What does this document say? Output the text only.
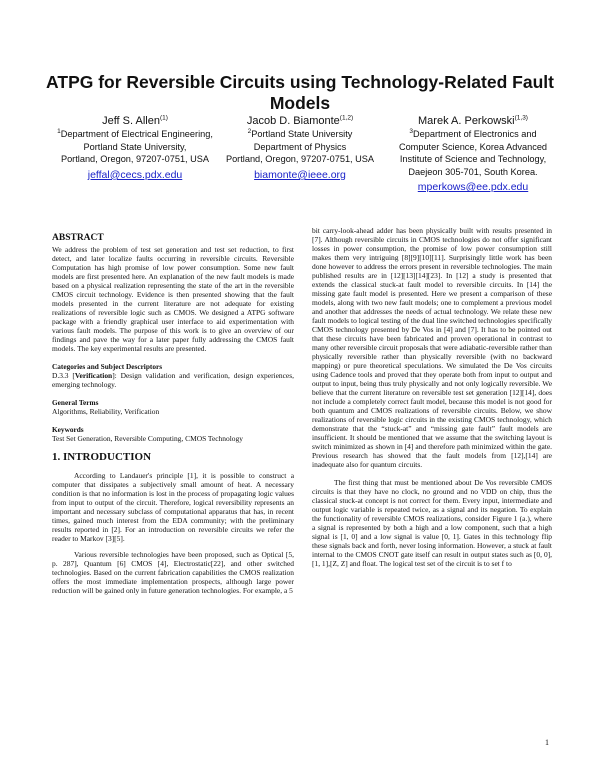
ATPG for Reversible Circuits using Technology-Related Fault Models
Jeff S. Allen$^{(1)}$
$^1$Department of Electrical Engineering,
Portland State University,
Portland, Oregon, 97207-0751, USA
jeffal@cecs.pdx.edu
Jacob D. Biamonte$^{(1,2)}$
$^2$Portland State University
Department of Physics
Portland, Oregon, 97207-0751, USA
biamonte@ieee.org
Marek A. Perkowski$^{(1,3)}$
$^3$Department of Electronics and
Computer Science, Korea Advanced
Institute of Science and Technology,
Daejeon 305-701, South Korea.
mperkows@ee.pdx.edu
ABSTRACT

We address the problem of test set generation and test set reduction, to first detect, and later localize faults occurring in reversible circuits. Reversible Computation has high promise of low power consumption. Some new fault models are first presented here. An explanation of the new fault models is made based on a physical realization representing the state of the art in the reversible CMOS circuit technology. Evidence is then presented showing that the fault models presented in the current literature are not adequate for existing realizations of reversible logic such as CMOS. We designed a ATPG software package with a friendly graphical user interface to aid experimentation with various fault models. The purpose of this work is to give an overview of our findings and pave the way for a later paper fully addressing the CMOS fault models. The key experimental results are presented.

Categories and Subject Descriptors

D.3.3 [Verification]: Design validation and verification, design experiences, emerging technology.

General Terms

Algorithms, Reliability, Verification

Keywords

Test Set Generation, Reversible Computing, CMOS Technology

1. INTRODUCTION

According to Landauer's principle [1], it is possible to construct a computer that dissipates a subjectively small amount of heat. A necessary condition is that no information is lost in the process of propagating logic values from input to output of the circuit. Therefore, logical reversibility represents an important and necessary subclass of computational apparatus that has, in recent times, gained much interest from the EDA community; with the preliminary results reported in [2]. For an introduction on reversible circuits we refer the reader to Markov [3][5].

Various reversible technologies have been proposed, such as Optical [5, p. 287], Quantum [6] CMOS [4], Electrostatic[22], and other switched technologies. Based on the current fabrication capabilities the CMOS realization offers the most immediate implementation prospects, although large power reduction will be gained only in future generation technologies. For example, a 5

bit carry-look-ahead adder has been physically built with results presented in [7]. Although reversible circuits in CMOS technologies do not offer significant losses in power consumption, the promise of low power consumption still makes them very intriguing [8][9][10][11]. Surprisingly little work has been done however to address the errors present in reversible technologies. The main published results are in [12][13][14][23]. In [12] a study is presented that extends the classical stuck-at fault model to reversible circuits. In [14] the missing gate fault model is presented. Here we present a comparison of these models, along with two new fault models; one to complement a previous model and another that addresses the needs of actual technology. We relate these new fault models to logical testing of the dual line switched technologies specifically CMOS technology presented by De Vos in [4] and [7]. It has to be pointed out that these circuits have been fabricated and proven operational in contrast to many other reversible circuit proposals that were adiabatic-reversible rather than physically reversible rather than physically reversible (with no backward mapping) or pure theoretical speculations. We simulated the De Vos circuits using Cadence tools and proved that they operate both from input to output and output to input, being thus truly physically and not only logically reversible. We believe that the current literature on reversible test set generation [12][14], does not include a completely correct fault model, because this model is not good for both quantum and CMOS realizations of reversible circuits. Below, we show realizations of reversible logic circuits in the existing CMOS technology, which demonstrate that the “stuck-at” and “missing gate fault” fault models are insufficient. It should be mentioned that we assume that the switching layout is switch minimized as shown in [4] and therefore path minimized within the gate. Previous research has showed that the fault models from [12],[14] are inadequate also for quantum circuits.

The first thing that must be mentioned about De Vos reversible CMOS circuits is that they have no clock, no ground and no VDD on chip, thus the classical stuck-at concept is not correct for them. Every input, intermediate and output logic variable is repeated twice, as a signal and its negation. To explain the functionality of reversible CMOS realizations, consider Figure 1 (a.), where a signal is represented by both a high and a low component, such that a high signal is [1, 0] and a low signal is value [0, 1]. Gates in this technology flip these signals back and forth, never losing information. However, a stuck at fault internal to the CMOS CNOT gate itself can result in output states such as [0, 0], [1, 1],[Z, Z] and float. The logical test set of the circuit is to set f to

1
